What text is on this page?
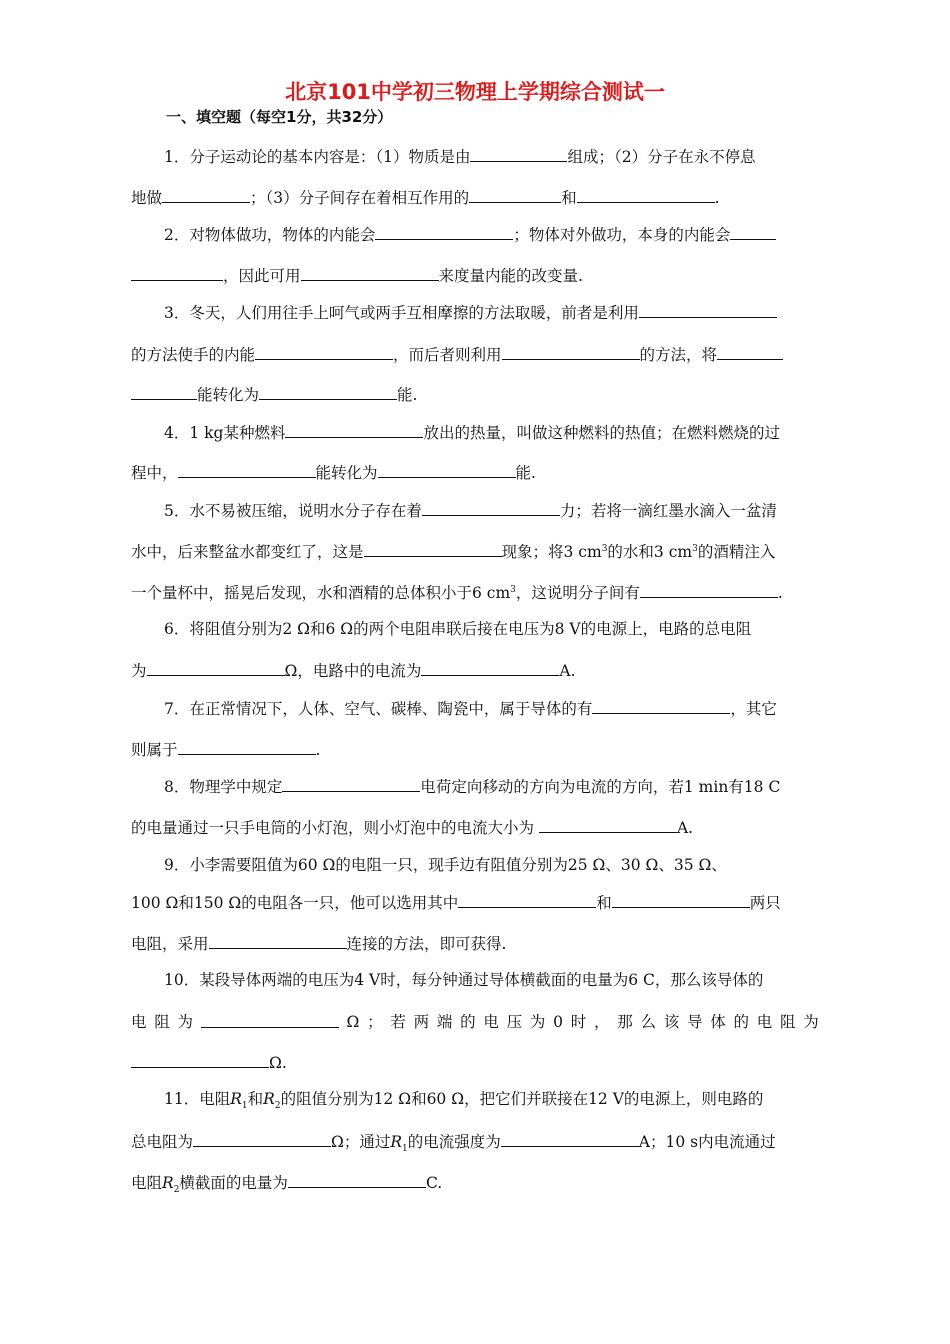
北京101中学初三物理上学期综合测试一
一、填空题（每空1分，共32分）
1．分子运动论的基本内容是：（1）物质是由	组成；（2）分子在永不停息
地做	；（3）分子间存在着相互作用的	和	.
2．对物体做功，物体的内能会	；物体对外做功，本身的内能会
，因此可用	来度量内能的改变量.
3．冬天，人们用往手上呵气或两手互相摩擦的方法取暖，前者是利用
的方法使手的内能	，而后者则利用	的方法，将
能转化为	能.
4．1 kg某种燃料	放出的热量，叫做这种燃料的热值；在燃料燃烧的过
程中，	能转化为	能.
5．水不易被压缩，说明水分子存在着	力；若将一滴红墨水滴入一盆清
水中，后来整盆水都变红了，这是	现象；将3 $cm^3$的水和3 $cm^3$的酒精注入
一个量杯中，摇晃后发现，水和酒精的总体积小于6 $cm^3$，这说明分子间有	.
6．将阻值分别为2 Ω和6 Ω的两个电阻串联后接在电压为8 V的电源上，电路的总电阻
为	Ω，电路中的电流为	A.
7．在正常情况下，人体、空气、碳棒、陶瓷中，属于导体的有	，其它
则属于	.
8．物理学中规定	电荷定向移动的方向为电流的方向，若1 min有18 C
的电量通过一只手电筒的小灯泡，则小灯泡中的电流大小为	A.
9．小李需要阻值为60 Ω的电阻一只，现手边有阻值分别为25 Ω、30 Ω、35 Ω、
100 Ω和150 Ω的电阻各一只，他可以选用其中	和	两只
电阻，采用	连接的方法，即可获得.
10．某段导体两端的电压为4 V时，每分钟通过导体横截面的电量为6 C，那么该导体的
电 阻 为	Ω ； 若 两 端 的 电 压 为 0 时 ， 那 么 该 导 体 的 电 阻 为
Ω.
11．电阻$R_1$和$R_2$的阻值分别为12 Ω和60 Ω，把它们并联接在12 V的电源上，则电路的
总电阻为	Ω；通过$R_1$的电流强度为	A；10 s内电流通过
电阻$R_2$横截面的电量为	C.
